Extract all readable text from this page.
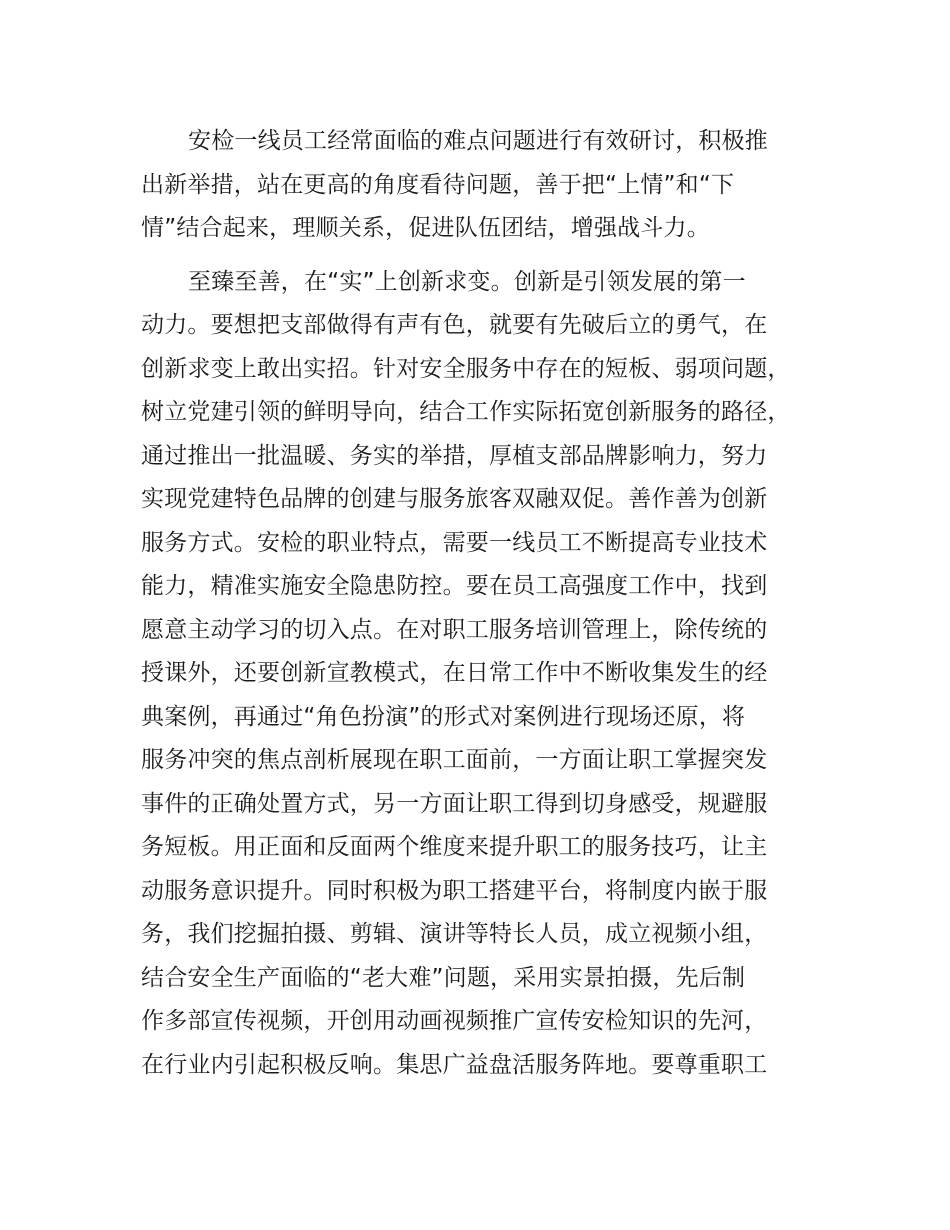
安检一线员工经常面临的难点问题进行有效研讨，积极推
出新举措，站在更高的角度看待问题，善于把“上情”和“下
情”结合起来，理顺关系，促进队伍团结，增强战斗力。
至臻至善，在“实”上创新求变。创新是引领发展的第一
动力。要想把支部做得有声有色，就要有先破后立的勇气，在
创新求变上敢出实招。针对安全服务中存在的短板、弱项问题，
树立党建引领的鲜明导向，结合工作实际拓宽创新服务的路径，
通过推出一批温暖、务实的举措，厚植支部品牌影响力，努力
实现党建特色品牌的创建与服务旅客双融双促。善作善为创新
服务方式。安检的职业特点，需要一线员工不断提高专业技术
能力，精准实施安全隐患防控。要在员工高强度工作中，找到
愿意主动学习的切入点。在对职工服务培训管理上，除传统的
授课外，还要创新宣教模式，在日常工作中不断收集发生的经
典案例，再通过“角色扮演”的形式对案例进行现场还原，将
服务冲突的焦点剖析展现在职工面前，一方面让职工掌握突发
事件的正确处置方式，另一方面让职工得到切身感受，规避服
务短板。用正面和反面两个维度来提升职工的服务技巧，让主
动服务意识提升。同时积极为职工搭建平台，将制度内嵌于服
务，我们挖掘拍摄、剪辑、演讲等特长人员，成立视频小组，
结合安全生产面临的“老大难”问题，采用实景拍摄，先后制
作多部宣传视频，开创用动画视频推广宣传安检知识的先河，
在行业内引起积极反响。集思广益盘活服务阵地。要尊重职工
